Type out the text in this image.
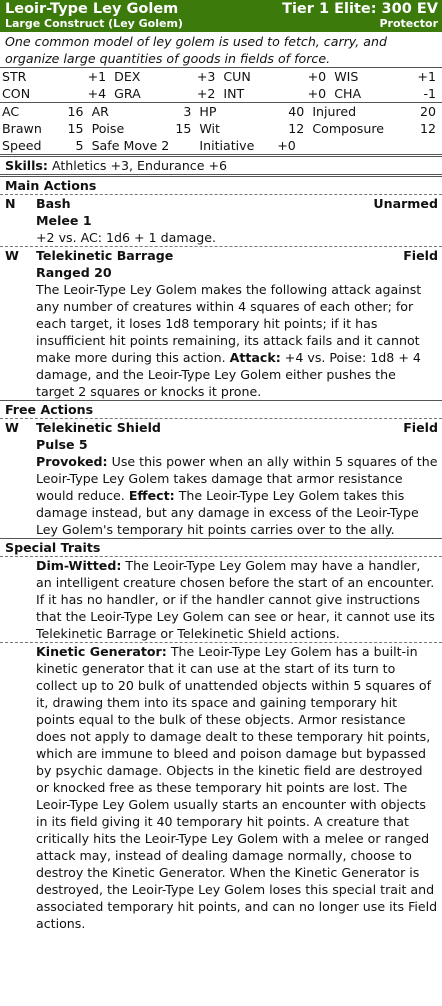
Leoir-Type Ley Golem	Tier 1 Elite: 300 EV
Large Construct (Ley Golem)	Protector
One common model of ley golem is used to fetch, carry, and organize large quantities of goods in fields of force.
STR	+1	DEX	+3	CUN	+0	WIS	+1
CON	+4	GRA	+2	INT	+0	CHA	-1
AC	16	AR	3	HP	40	Injured	20
Brawn	15	Poise	15	Wit	12	Composure	12
Speed	5	Safe Move 2		Initiative	+0		
Skills: Athletics +3, Endurance +6
Main Actions
N	Bash	Unarmed
Melee 1
+2 vs. AC: 1d6 + 1 damage.
W	Telekinetic Barrage	Field
Ranged 20
The Leoir-Type Ley Golem makes the following attack against any number of creatures within 4 squares of each other; for each target, it loses 1d8 temporary hit points; if it has insufficient hit points remaining, its attack fails and it cannot make more during this action. Attack: +4 vs. Poise: 1d8 + 4 damage, and the Leoir-Type Ley Golem either pushes the target 2 squares or knocks it prone.
Free Actions
W	Telekinetic Shield	Field
Pulse 5
Provoked: Use this power when an ally within 5 squares of the Leoir-Type Ley Golem takes damage that armor resistance would reduce. Effect: The Leoir-Type Ley Golem takes this damage instead, but any damage in excess of the Leoir-Type Ley Golem's temporary hit points carries over to the ally.
Special Traits
Dim-Witted: The Leoir-Type Ley Golem may have a handler, an intelligent creature chosen before the start of an encounter. If it has no handler, or if the handler cannot give instructions that the Leoir-Type Ley Golem can see or hear, it cannot use its Telekinetic Barrage or Telekinetic Shield actions.
Kinetic Generator: The Leoir-Type Ley Golem has a built-in kinetic generator that it can use at the start of its turn to collect up to 20 bulk of unattended objects within 5 squares of it, drawing them into its space and gaining temporary hit points equal to the bulk of these objects. Armor resistance does not apply to damage dealt to these temporary hit points, which are immune to bleed and poison damage but bypassed by psychic damage. Objects in the kinetic field are destroyed or knocked free as these temporary hit points are lost. The Leoir-Type Ley Golem usually starts an encounter with objects in its field giving it 40 temporary hit points. A creature that critically hits the Leoir-Type Ley Golem with a melee or ranged attack may, instead of dealing damage normally, choose to destroy the Kinetic Generator. When the Kinetic Generator is destroyed, the Leoir-Type Ley Golem loses this special trait and associated temporary hit points, and can no longer use its Field actions.
